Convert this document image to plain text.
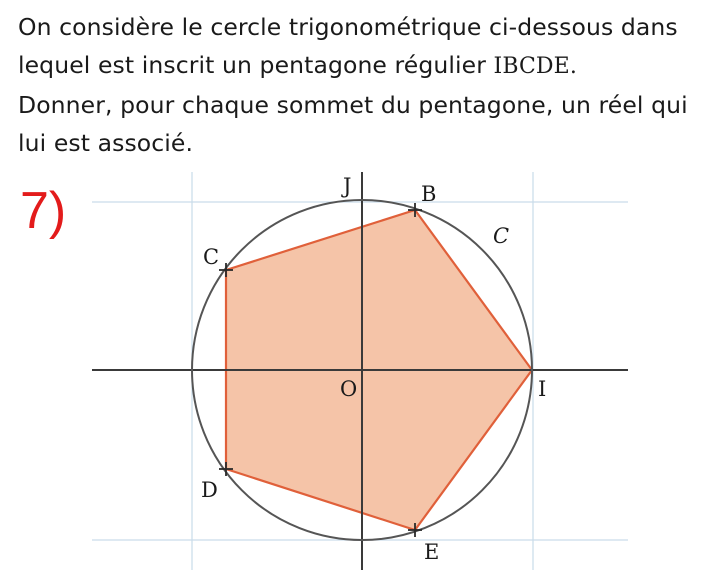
On considère le cercle trigonométrique ci-dessous dans

lequel est inscrit un pentagone régulier IBCDE.

Donner, pour chaque sommet du pentagone, un réel qui

lui est associé.

7)	J	B
C
C
O	I
D
E
